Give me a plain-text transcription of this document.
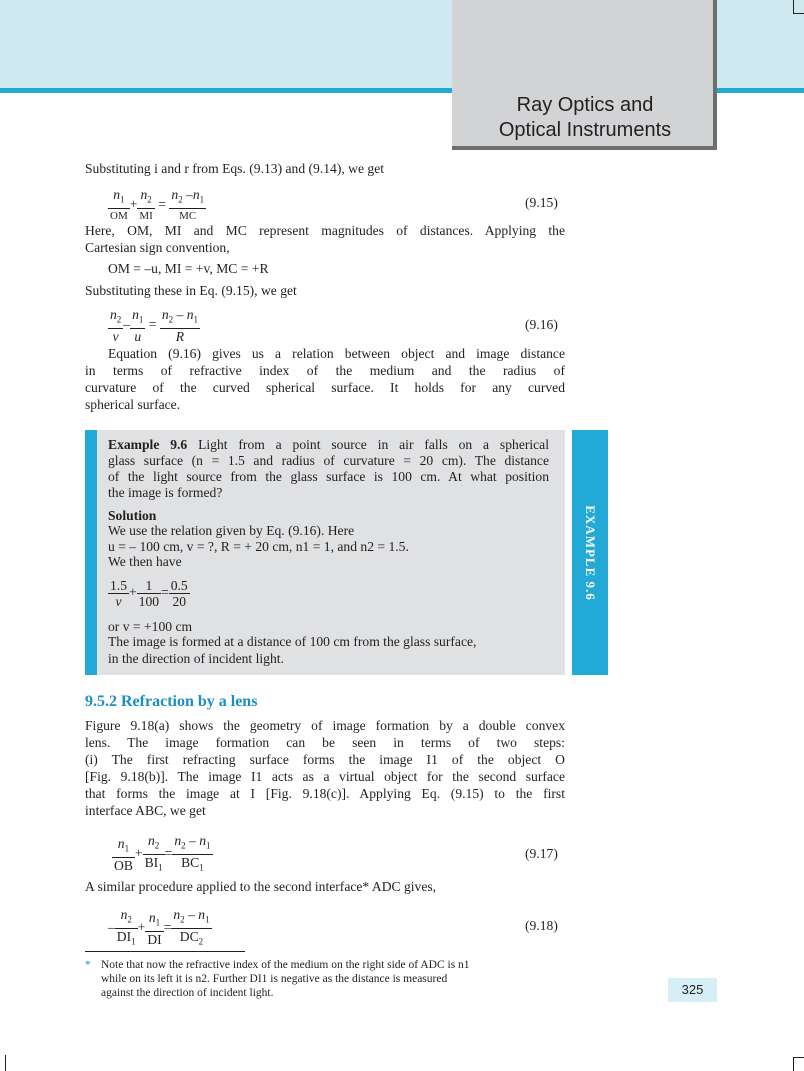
Ray Optics and
Optical Instruments
Substituting i and r from Eqs. (9.13) and (9.14), we get
$n_1$
OM
+
$n_2$
MI
=
$n_2$ $-n_1$
MC
(9.15)
Here, OM, MI and MC represent magnitudes of distances. Applying the
Cartesian sign convention,
OM = –u, MI = +v, MC = +R
Substituting these in Eq. (9.15), we get
$\frac{n_2}{v} - \frac{n_1}{u} = \frac{n_2 - n_1}{R}$	(9.16)
Equation (9.16) gives us a relation between object and image distance
in terms of refractive index of the medium and the radius of
curvature of the curved spherical surface. It holds for any curved
spherical surface.
EXAMPLE 9.6
Example 9.6 Light from a point source in air falls on a spherical
glass surface (n = 1.5 and radius of curvature = 20 cm). The distance
of the light source from the glass surface is 100 cm. At what position
the image is formed?
Solution
We use the relation given by Eq. (9.16). Here
u = – 100 cm, v = ?, R = + 20 cm, n1 = 1, and n2 = 1.5.
We then have
$\frac{1.5}{v} + \frac{1}{100} = \frac{0.5}{20}$
or v = +100 cm
The image is formed at a distance of 100 cm from the glass surface,
in the direction of incident light.
9.5.2 Refraction by a lens
Figure 9.18(a) shows the geometry of image formation by a double convex
lens. The image formation can be seen in terms of two steps:
(i) The first refracting surface forms the image I1 of the object O
[Fig. 9.18(b)]. The image I1 acts as a virtual object for the second surface
that forms the image at I [Fig. 9.18(c)]. Applying Eq. (9.15) to the first
interface ABC, we get
$\frac{n_1}{OB} + \frac{n_2}{BI_1} = \frac{n_2 - n_1}{BC_1}$	(9.17)
A similar procedure applied to the second interface* ADC gives,
– $\frac{n_2}{DI_1} + \frac{n_1}{DI} = \frac{n_2 - n_1}{DC_2}$	(9.18)
* Note that now the refractive index of the medium on the right side of ADC is n1
while on its left it is n2. Further DI1 is negative as the distance is measured
against the direction of incident light.	325
